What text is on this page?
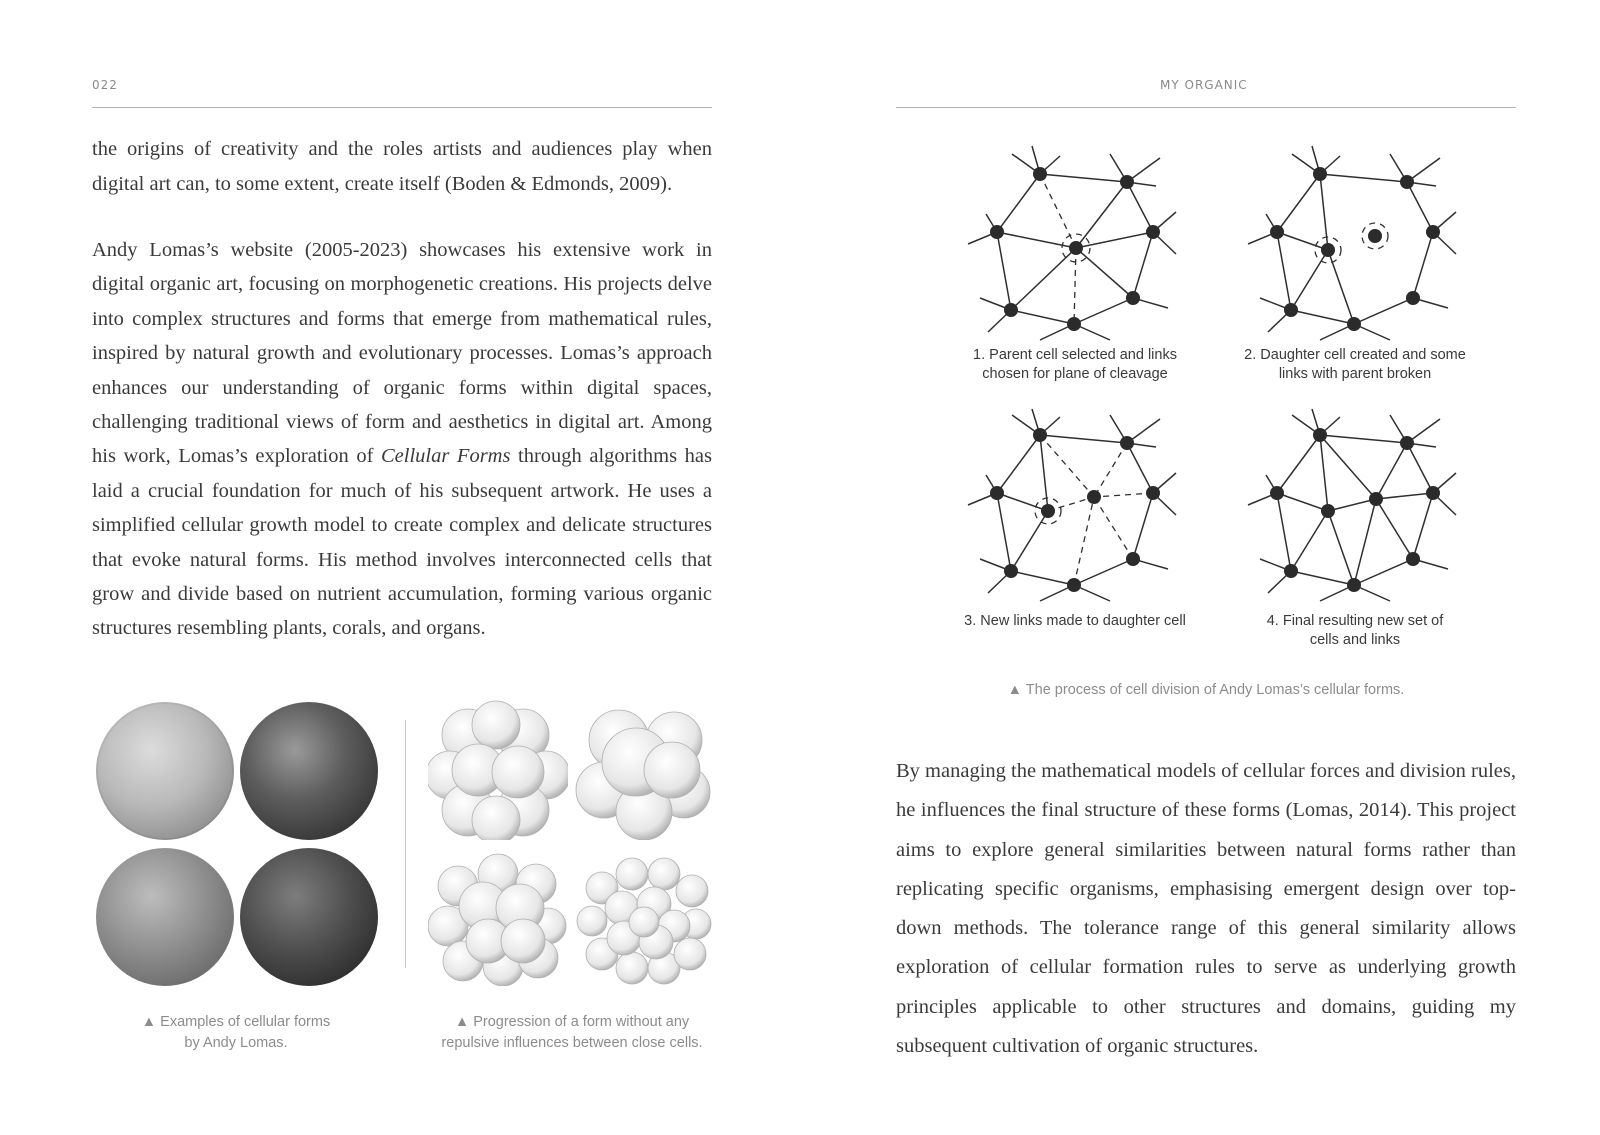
022	MY ORGANIC

the origins of creativity and the roles artists and audiences play when digital art can, to some extent, create itself (Boden & Edmonds, 2009).

Andy Lomas’s website (2005-2023) showcases his extensive work in digital organic art, focusing on morphogenetic creations. His projects delve into complex structures and forms that emerge from mathematical rules, inspired by natural growth and evolutionary processes. Lomas’s approach enhances our understanding of organic forms within digital spaces, challenging traditional views of form and aesthetics in digital art. Among his work, Lomas’s exploration of Cellular Forms through algorithms has laid a crucial foundation for much of his subsequent artwork. He uses a simplified cellular growth model to create complex and delicate structures that evoke natural forms. His method involves interconnected cells that grow and divide based on nutrient accumulation, forming various organic structures resembling plants, corals, and organs.

▲ Examples of cellular forms
by Andy Lomas.
▲ Progression of a form without any
repulsive influences between close cells.
1. Parent cell selected and links
chosen for plane of cleavage
2. Daughter cell created and some
links with parent broken
3. New links made to daughter cell	4. Final resulting new set of
cells and links
▲ The process of cell division of Andy Lomas’s cellular forms.

By managing the mathematical models of cellular forces and division rules, he influences the final structure of these forms (Lomas, 2014). This project aims to explore general similarities between natural forms rather than replicating specific organisms, emphasising emergent design over top-down methods. The tolerance range of this general similarity allows exploration of cellular formation rules to serve as underlying growth principles applicable to other structures and domains, guiding my subsequent cultivation of organic structures.
